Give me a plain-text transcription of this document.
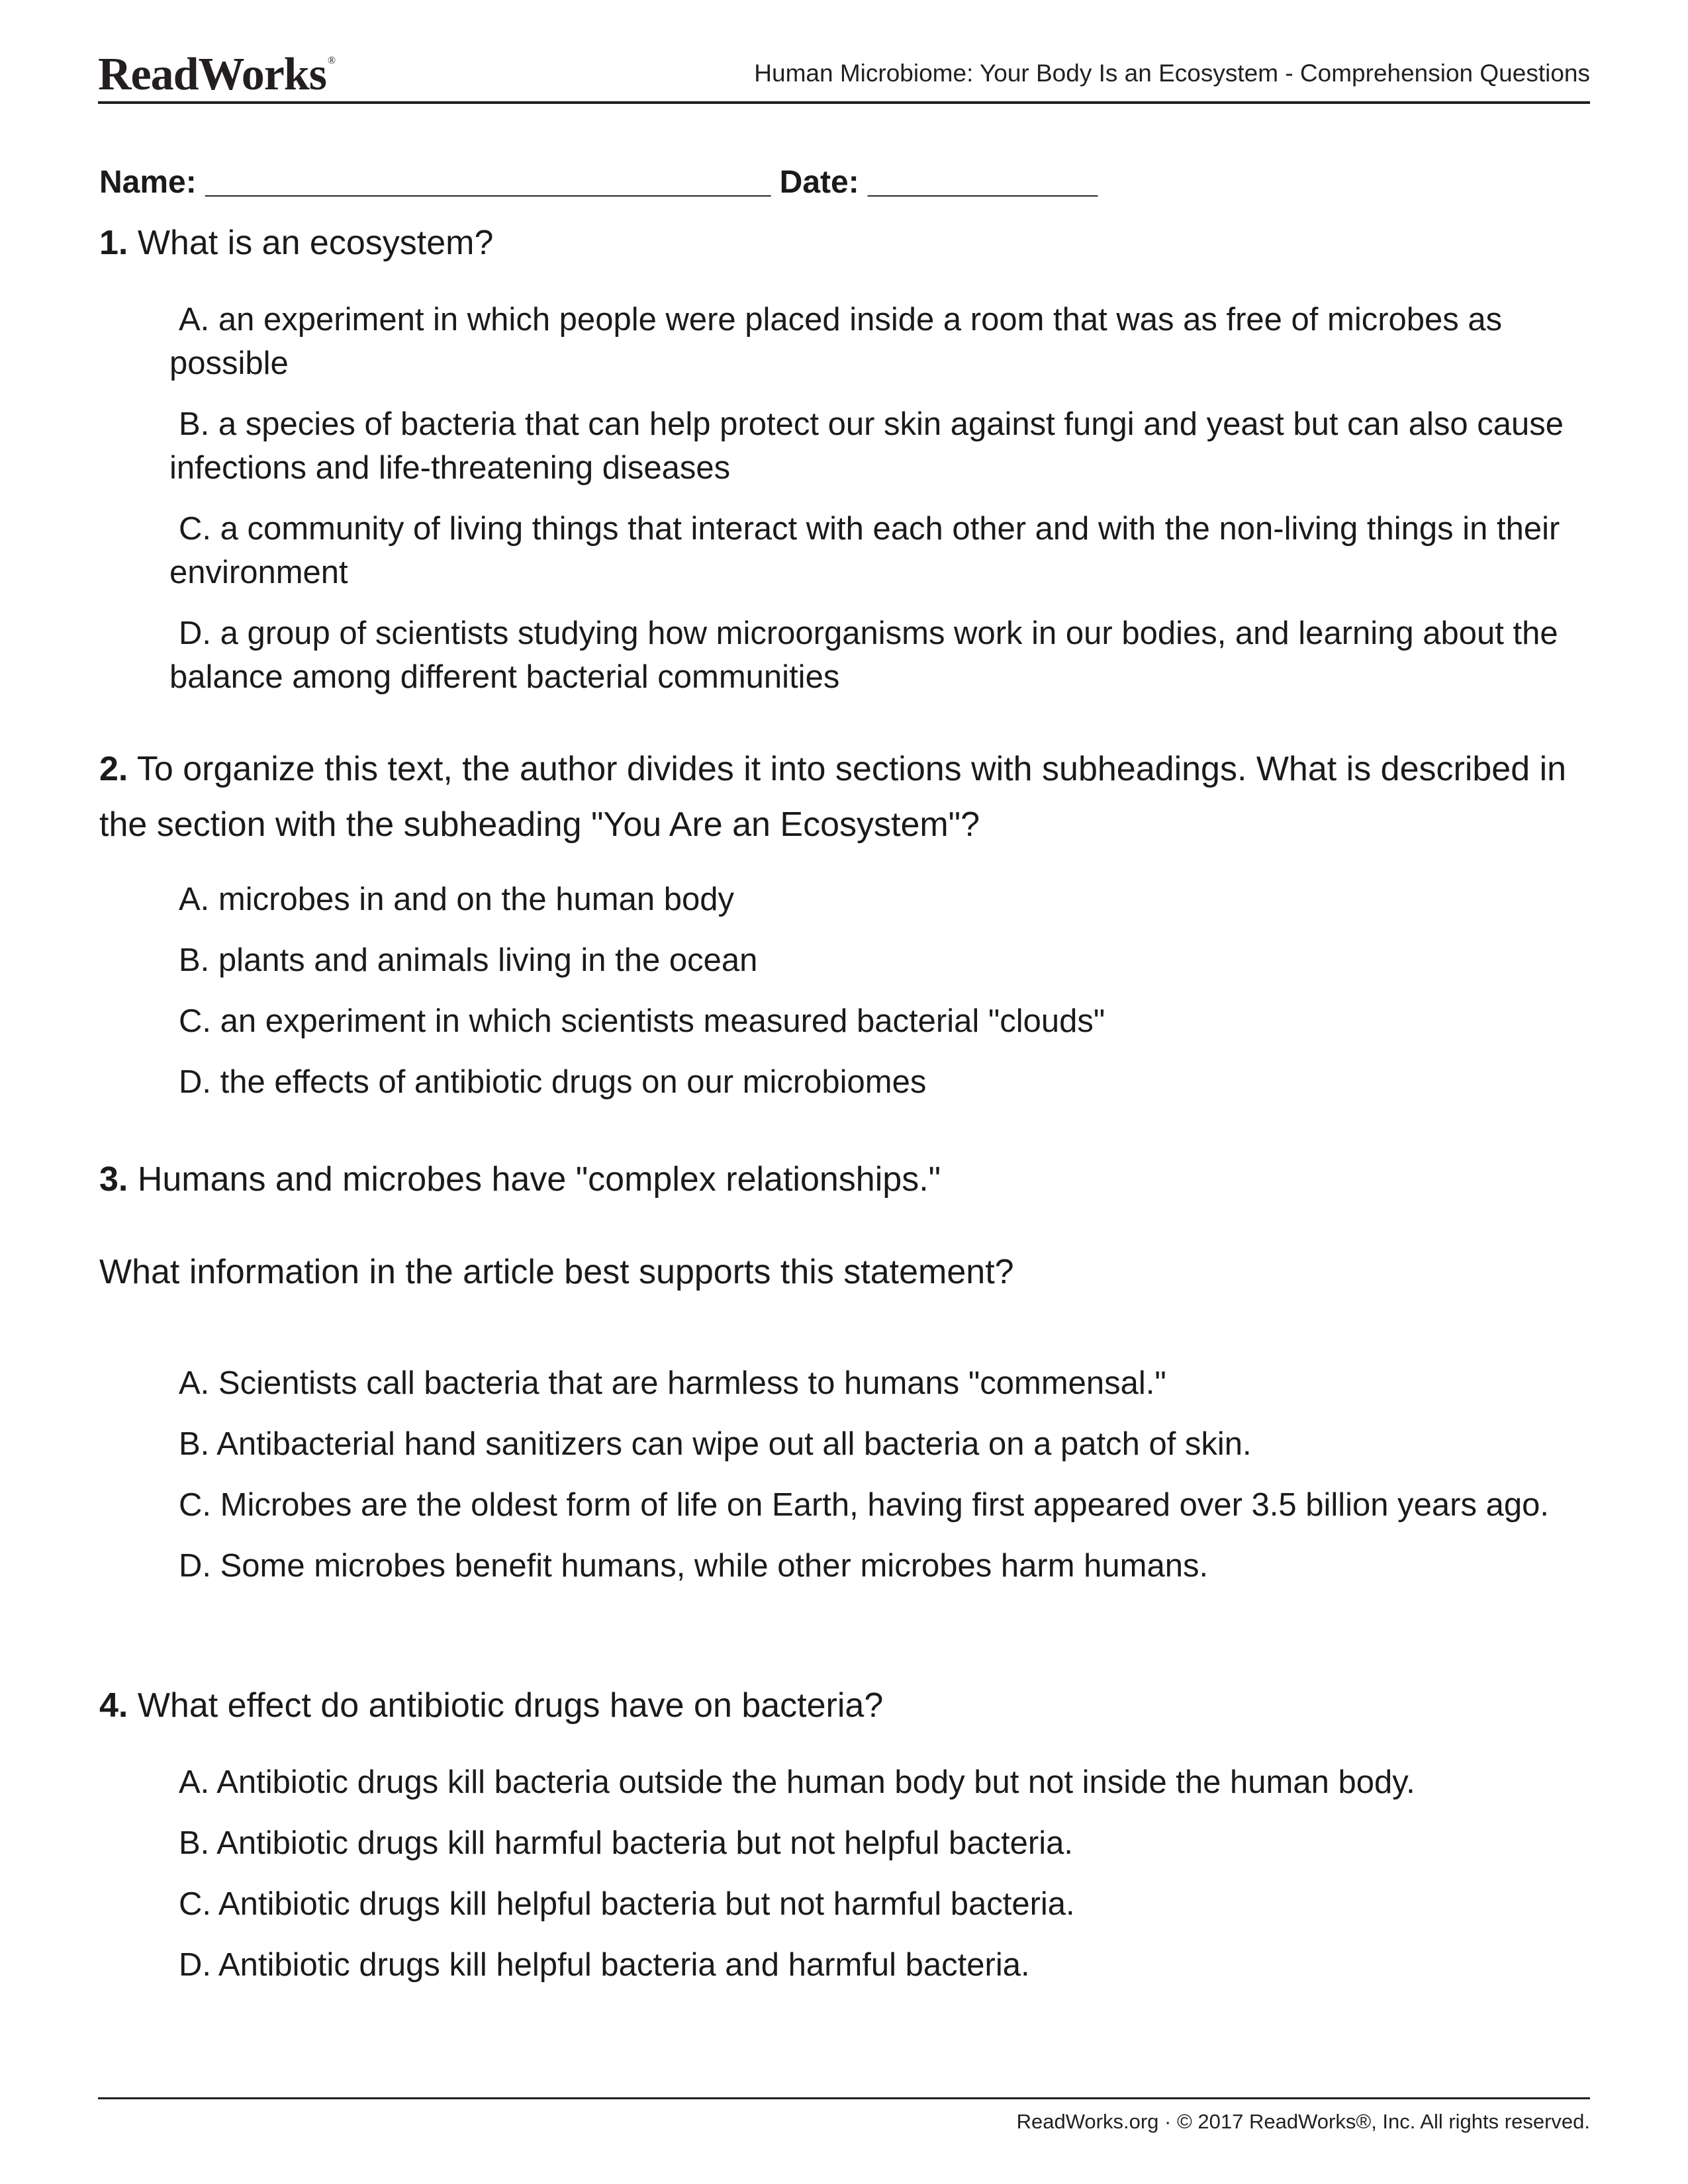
ReadWorks ®	Human Microbiome: Your Body Is an Ecosystem - Comprehension Questions
Name: ________________________________ Date: _____________
1. What is an ecosystem?
A. an experiment in which people were placed inside a room that was as free of microbes as possible
B. a species of bacteria that can help protect our skin against fungi and yeast but can also cause infections and life-threatening diseases
C. a community of living things that interact with each other and with the non-living things in their environment
D. a group of scientists studying how microorganisms work in our bodies, and learning about the balance among different bacterial communities
2. To organize this text, the author divides it into sections with subheadings. What is described in the section with the subheading "You Are an Ecosystem"?
A. microbes in and on the human body
B. plants and animals living in the ocean
C. an experiment in which scientists measured bacterial "clouds"
D. the effects of antibiotic drugs on our microbiomes
3. Humans and microbes have "complex relationships."
What information in the article best supports this statement?
A. Scientists call bacteria that are harmless to humans "commensal."
B. Antibacterial hand sanitizers can wipe out all bacteria on a patch of skin.
C. Microbes are the oldest form of life on Earth, having first appeared over 3.5 billion years ago.
D. Some microbes benefit humans, while other microbes harm humans.
4. What effect do antibiotic drugs have on bacteria?
A. Antibiotic drugs kill bacteria outside the human body but not inside the human body.
B. Antibiotic drugs kill harmful bacteria but not helpful bacteria.
C. Antibiotic drugs kill helpful bacteria but not harmful bacteria.
D. Antibiotic drugs kill helpful bacteria and harmful bacteria.
ReadWorks.org · © 2017 ReadWorks®, Inc. All rights reserved.
